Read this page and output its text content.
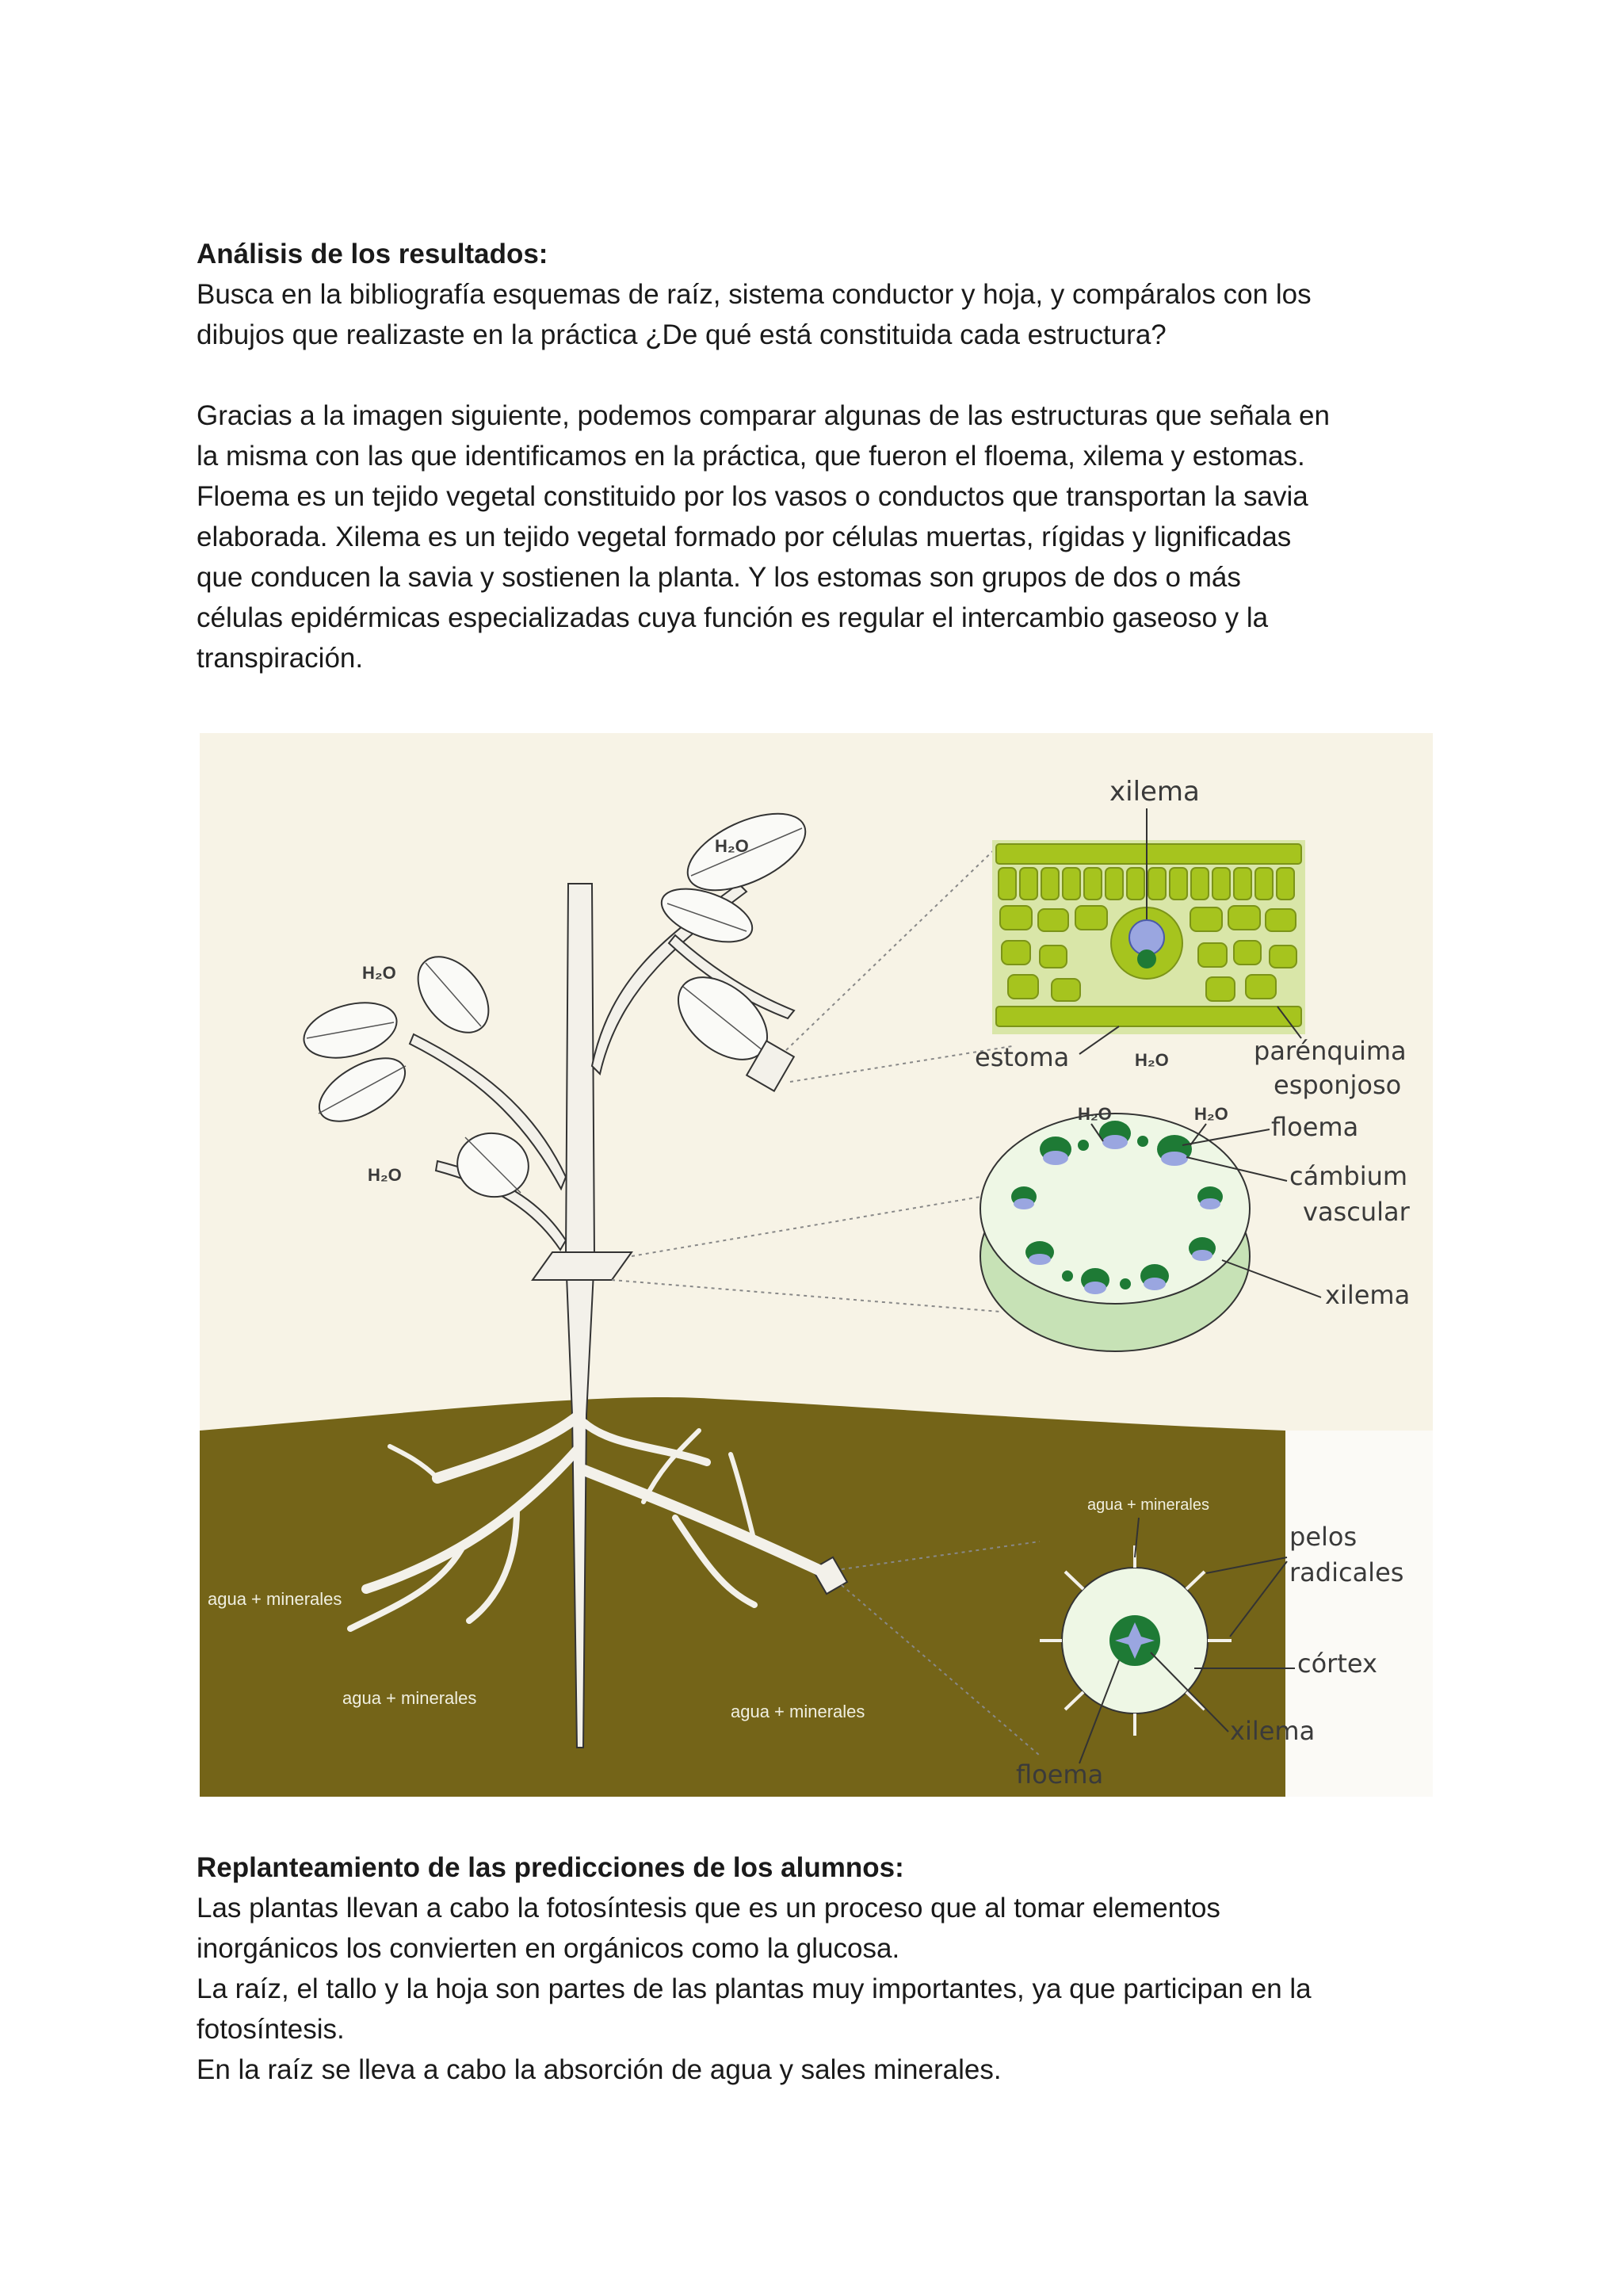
Análisis de los resultados:

Busca en la bibliografía esquemas de raíz, sistema conductor y hoja, y compáralos con los

dibujos que realizaste en la práctica ¿De qué está constituida cada estructura?

Gracias a la imagen siguiente, podemos comparar algunas de las estructuras que señala en

la misma con las que identificamos en la práctica, que fueron el floema, xilema y estomas.

Floema es un tejido vegetal constituido por los vasos o conductos que transportan la savia

elaborada. Xilema es un tejido vegetal formado por células muertas, rígidas y lignificadas

que conducen la savia y sostienen la planta. Y los estomas son grupos de dos o más

células epidérmicas especializadas cuya función es regular el intercambio gaseoso y la

transpiración.

H₂O
H₂O
H₂O
xilema
estoma	H₂O	parénquima
esponjoso
H₂O	H₂O floema
cámbium
vascular
xilema
agua + minerales
pelos
radicales
córtex
xilema
floema
agua + minerales
agua + minerales
agua + minerales

Replanteamiento de las predicciones de los alumnos:

Las plantas llevan a cabo la fotosíntesis que es un proceso que al tomar elementos

inorgánicos los convierten en orgánicos como la glucosa.

La raíz, el tallo y la hoja son partes de las plantas muy importantes, ya que participan en la

fotosíntesis.

En la raíz se lleva a cabo la absorción de agua y sales minerales.
